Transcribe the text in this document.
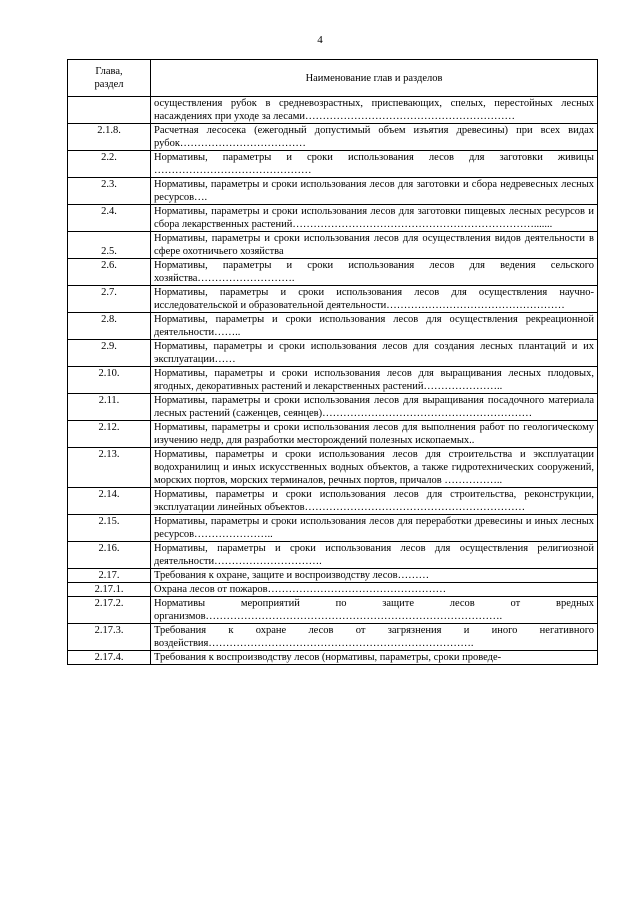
4
Глава,
раздел	Наименование глав и разделов
	осуществления рубок в средневозрастных, приспевающих, спелых, перестойных лесных насаждениях при уходе за лесами……………………………………………………
2.1.8.	Расчетная лесосека (ежегодный допустимый объем изъятия древесины) при всех видах рубок………………………………
2.2.	Нормативы, параметры и сроки использования лесов для заготовки живицы ………………………………………
2.3.	Нормативы, параметры и сроки использования лесов для заготовки и сбора недревесных лесных ресурсов….
2.4.	Нормативы, параметры и сроки использования лесов для заготовки пищевых лесных ресурсов и сбора лекарственных растений…………………………………………………………….......
2.5.	Нормативы, параметры и сроки использования лесов для осуществления видов деятельности в сфере охотничьего хозяйства
2.6.	Нормативы, параметры и сроки использования лесов для ведения сельского хозяйства……………………….
2.7.	Нормативы, параметры и сроки использования лесов для осуществления научно-исследовательской и образовательной деятельности……………………………………………
2.8.	Нормативы, параметры и сроки использования лесов для осуществления рекреационной деятельности……..
2.9.	Нормативы, параметры и сроки использования лесов для создания лесных плантаций и их эксплуатации……
2.10.	Нормативы, параметры и сроки использования лесов для выращивания лесных плодовых, ягодных, декоративных растений и лекарственных растений…………………..
2.11.	Нормативы, параметры и сроки использования лесов для выращивания посадочного материала лесных растений (саженцев, сеянцев)……………………………………………………
2.12.	Нормативы, параметры и сроки использования лесов для выполнения работ по геологическому изучению недр, для разработки месторождений полезных ископаемых..
2.13.	Нормативы, параметры и сроки использования лесов для строительства и эксплуатации водохранилищ и иных искусственных водных объектов, а также гидротехнических сооружений, морских портов, морских терминалов, речных портов, причалов ……………..
2.14.	Нормативы, параметры и сроки использования лесов для строительства, реконструкции, эксплуатации линейных объектов………………………………………………………
2.15.	Нормативы, параметры и сроки использования лесов для переработки древесины и иных лесных ресурсов…………………..
2.16.	Нормативы, параметры и сроки использования лесов для осуществления религиозной деятельности………………………….
2.17.	Требования к охране, защите и воспроизводству лесов………
2.17.1.	Охрана лесов от пожаров……………………………………………
2.17.2.	Нормативы мероприятий по защите лесов от вредных организмов………………………………………………………………………….
2.17.3.	Требования к охране лесов от загрязнения и иного негативного воздействия………………………………………………………………….
2.17.4.	Требования к воспроизводству лесов (нормативы, параметры, сроки проведе-
